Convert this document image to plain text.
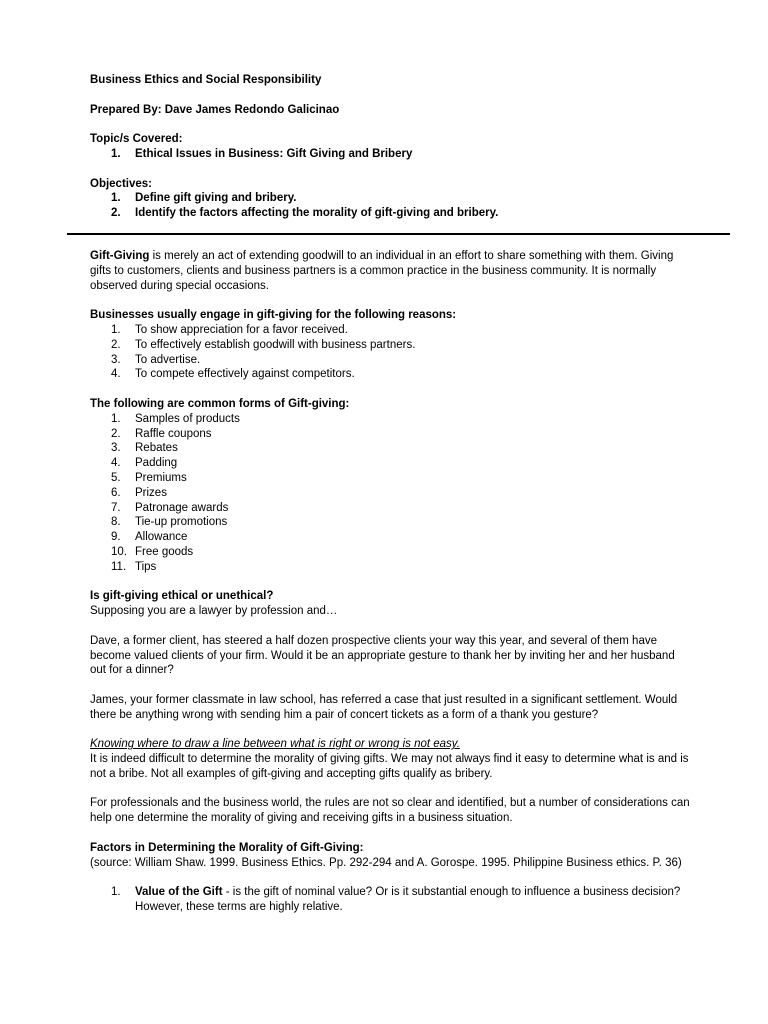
Business Ethics and Social Responsibility

Prepared By: Dave James Redondo Galicinao

Topic/s Covered:

1.	Ethical Issues in Business: Gift Giving and Bribery

Objectives:

1.	Define gift giving and bribery.
2.	Identify the factors affecting the morality of gift-giving and bribery.

Gift-Giving is merely an act of extending goodwill to an individual in an effort to share something with them. Giving gifts to customers, clients and business partners is a common practice in the business community. It is normally observed during special occasions.

Businesses usually engage in gift-giving for the following reasons:

1.	To show appreciation for a favor received.
2.	To effectively establish goodwill with business partners.
3.	To advertise.
4.	To compete effectively against competitors.

The following are common forms of Gift-giving:

1.	Samples of products
2.	Raffle coupons
3.	Rebates
4.	Padding
5.	Premiums
6.	Prizes
7.	Patronage awards
8.	Tie-up promotions
9.	Allowance
10. Free goods
11. Tips

Is gift-giving ethical or unethical?

Supposing you are a lawyer by profession and…

Dave, a former client, has steered a half dozen prospective clients your way this year, and several of them have become valued clients of your firm. Would it be an appropriate gesture to thank her by inviting her and her husband out for a dinner?

James, your former classmate in law school, has referred a case that just resulted in a significant settlement. Would there be anything wrong with sending him a pair of concert tickets as a form of a thank you gesture?

Knowing where to draw a line between what is right or wrong is not easy.

It is indeed difficult to determine the morality of giving gifts. We may not always find it easy to determine what is and is not a bribe. Not all examples of gift-giving and accepting gifts qualify as bribery.

For professionals and the business world, the rules are not so clear and identified, but a number of considerations can help one determine the morality of giving and receiving gifts in a business situation.

Factors in Determining the Morality of Gift-Giving:

(source: William Shaw. 1999. Business Ethics. Pp. 292-294 and A. Gorospe. 1995. Philippine Business ethics. P. 36)

1.	Value of the Gift - is the gift of nominal value? Or is it substantial enough to influence a business decision? However, these terms are highly relative.
